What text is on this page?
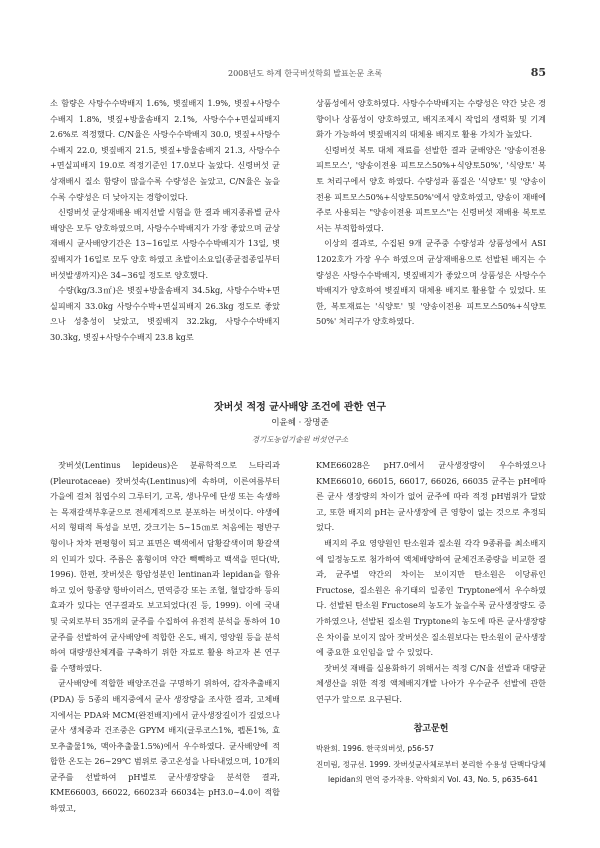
2008년도 하계 한국버섯학회 발표논문 초록	85

소 함량은 사탕수수박배지 1.6%, 볏짚배지 1.9%, 볏짚+사탕수수배지 1.8%, 볏짚+방울솜배지 2.1%, 사탕수수+면실피배지 2.6%로 적정했다. C/N율은 사탕수수박배지 30.0, 볏짚+사탕수수배지 22.0, 볏짚배지 21.5, 볏짚+방울솜배지 21.3, 사탕수수+면실피배지 19.0로 적정기준인 17.0보다 높았다. 신령버섯 균상재배시 질소 함량이 많을수록 수량성은 높았고, C/N율은 높을수록 수량성은 더 낮아지는 경향이었다.

신령버섯 균상재배용 배지선발 시험을 한 결과 배지종류별 균사배양은 모두 양호하였으며, 사탕수수박배지가 가장 좋았으며 균상재배시 균사배양기간은 13∼16일로 사탕수수박배지가 13일, 볏짚배지가 16일로 모두 양호 하였고 초발이소요일(종균접종일부터 버섯발생까지)은 34∼36일 정도로 양호했다.

수량(kg/3.3㎡)은 볏짚+방울솜배지 34.5kg, 사탕수수박+면실피배지 33.0kg 사탕수수박+면실피배지 26.3kg 정도로 좋았으나 성충성이 낮았고, 볏짚배지 32.2kg, 사탕수수박배지 30.3kg, 볏짚+사탕수수배지 23.8 kg로

상품성에서 양호하였다. 사탕수수박배지는 수량성은 약간 낮은 경향이나 상품성이 양호하였고, 배지조제시 작업의 생력화 및 기계화가 가능하여 볏짚배지의 대체용 배지로 활용 가치가 높았다.

신령버섯 복토 대체 재료를 선발한 결과 균배양은 '양송이전용 피트모스', '양송이전용 피트모스50%+식양토50%', '식양토' 복토 처리구에서 양호 하였다. 수량성과 품질은 '식양토' 및 '양송이전용 피트모스50%+식양토50%'에서 양호하였고, 양송이 재배에 주로 사용되는 "양송이전용 피트모스"는 신령버섯 재배용 복토로서는 부적합하였다.

이상의 결과로, 수집된 9개 균주중 수량성과 상품성에서 ASI 1202호가 가장 우수 하였으며 균상재배용으로 선발된 배지는 수량성은 사탕수수박배지, 볏짚배지가 좋았으며 상품성은 사탕수수박배지가 양호하여 볏짚배지 대체용 배지로 활용할 수 있었다. 또한, 복토재료는 '식양토' 및 '양송이전용 피트모스50%+식양토50%' 처리구가 양호하였다.

잣버섯 적정 균사배양 조건에 관한 연구
이윤혜 · 장명준
경기도농업기술원 버섯연구소

잣버섯(Lentinus lepideus)은 분류학적으로 느타리과 (Pleurotaceae) 잣버섯속(Lentinus)에 속하며, 이른여름부터 가을에 걸쳐 침엽수의 그루터기, 고목, 생나무에 단생 또는 속생하는 목재갈색부후균으로 전세계적으로 분포하는 버섯이다. 야생에서의 형태적 특성을 보면, 갓크기는 5∼15㎝로 처음에는 평반구형이나 차차 편평형이 되고 표면은 백색에서 담황갈색이며 황갈색의 인피가 있다. 주름은 홈형이며 약간 빽빽하고 백색을 띤다(박, 1996). 한편, 잣버섯은 항암성분인 lentinan과 lepidan을 함유하고 있어 항종양 항바이러스, 면역증강 또는 조혈, 혈압강하 등의 효과가 있다는 연구결과도 보고되었다(진 등, 1999). 이에 국내 및 국외로부터 35개의 균주를 수집하여 유전적 분석을 통하여 10 균주를 선발하여 균사배양에 적합한 온도, 배지, 영양원 등을 분석하여 대량생산체계를 구축하기 위한 자료로 활용 하고자 본 연구를 수행하였다.

균사배양에 적합한 배양조건을 구명하기 위하여, 감자추출배지(PDA) 등 5종의 배지중에서 균사 생장량을 조사한 결과, 고체배지에서는 PDA와 MCM(완전배지)에서 균사생장길이가 길었으나 균사 생체중과 건조중은 GPYM 배지(글루코스1%, 펩톤1%, 효모추출물1%, 맥아추출물1.5%)에서 우수하였다. 균사배양에 적합한 온도는 26∼29℃ 범위로 중고온성을 나타내었으며, 10개의 균주를 선발하여 pH별로 균사생장량을 분석한 결과, KME66003, 66022, 66023과 66034는 pH3.0∼4.0이 적합하였고,

KME66028은 pH7.0에서 균사생장량이 우수하였으나 KME66010, 66015, 66017, 66026, 66035 균주는 pH에따른 균사 생장량의 차이가 없어 균주에 따라 적정 pH범위가 달랐고, 또한 배지의 pH는 균사생장에 큰 영향이 없는 것으로 추정되었다.

배지의 주요 영양원인 탄소원과 질소원 각각 9종류를 최소배지에 일정농도로 첨가하여 액체배양하여 균체건조중량을 비교한 결과, 균주별 약간의 차이는 보이지만 탄소원은 이당류인 Fructose, 질소원은 유기태의 일종인 Tryptone에서 우수하였다. 선발된 탄소원 Fructose의 농도가 높을수록 균사생장량도 증가하였으나, 선발된 질소원 Tryptone의 농도에 따른 균사생장량은 차이를 보이지 않아 잣버섯은 질소원보다는 탄소원이 균사생장에 중요한 요인임을 알 수 있었다.

잣버섯 재배를 실용화하기 위해서는 적정 C/N율 선발과 대량균체생산을 위한 적정 액체배지개발 나아가 우수균주 선발에 관한 연구가 앞으로 요구된다.

참고문헌
박완희. 1996. 한국의버섯, p56-57
진미림, 정규선. 1999. 잣버섯균사체로부터 분리한 수용성 단백다당체 lepidan의 면역 증가작용. 약학회지 Vol. 43, No. 5, p635-641
